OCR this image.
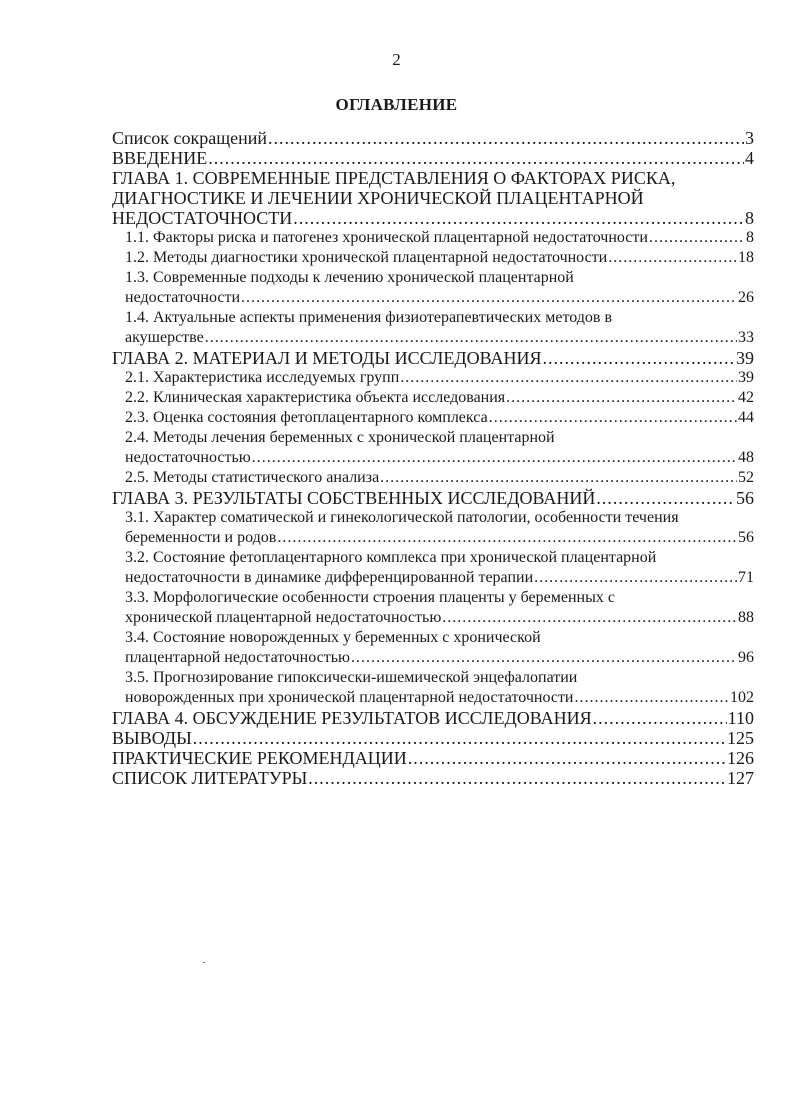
2
ОГЛАВЛЕНИЕ
Список сокращений .....	3
ВВЕДЕНИЕ .....	4
ГЛАВА 1. СОВРЕМЕННЫЕ ПРЕДСТАВЛЕНИЯ О ФАКТОРАХ РИСКА, ДИАГНОСТИКЕ И ЛЕЧЕНИИ ХРОНИЧЕСКОЙ ПЛАЦЕНТАРНОЙ
НЕДОСТАТОЧНОСТИ .....	8
1.1. Факторы риска и патогенез хронической плацентарной недостаточности .....	8
1.2. Методы диагностики хронической плацентарной недостаточности .....	18
1.3. Современные подходы к лечению хронической плацентарной
недостаточности .....	26
1.4. Актуальные аспекты применения физиотерапевтических методов в
акушерстве .....	33
ГЛАВА 2. МАТЕРИАЛ И МЕТОДЫ ИССЛЕДОВАНИЯ .....	39
2.1. Характеристика исследуемых групп .....	39
2.2. Клиническая характеристика объекта исследования .....	42
2.3. Оценка состояния фетоплацентарного комплекса .....	44
2.4. Методы лечения беременных с хронической плацентарной
недостаточностью .....	48
2.5. Методы статистического анализа .....	52
ГЛАВА 3. РЕЗУЛЬТАТЫ СОБСТВЕННЫХ ИССЛЕДОВАНИЙ .....	56
3.1. Характер соматической и гинекологической патологии, особенности течения
беременности и родов .....	56
3.2. Состояние фетоплацентарного комплекса при хронической плацентарной
недостаточности в динамике дифференцированной терапии .....	71
3.3. Морфологические особенности строения плаценты у беременных с
хронической плацентарной недостаточностью .....	88
3.4. Состояние новорожденных у беременных с хронической
плацентарной недостаточностью .....	96
3.5. Прогнозирование гипоксически-ишемической энцефалопатии
новорожденных при хронической плацентарной недостаточности .....	102
ГЛАВА 4. ОБСУЖДЕНИЕ РЕЗУЛЬТАТОВ ИССЛЕДОВАНИЯ .....	110
ВЫВОДЫ .....	125
ПРАКТИЧЕСКИЕ РЕКОМЕНДАЦИИ .....	126
СПИСОК ЛИТЕРАТУРЫ .....	127
